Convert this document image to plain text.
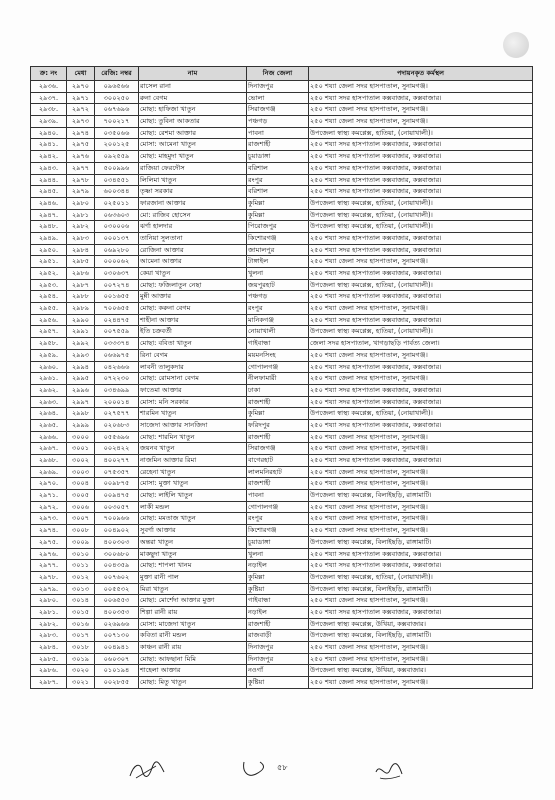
ক্র: নং	মেধা	রেজি: নম্বর	নাম	নিজ জেলা	পদায়নকৃত কর্মস্থল
২৯৩৬.	২৯৭০	০৯৬৫৬৬	রাসেল রানা	দিনাজপুর	২৫০ শয্যা জেলা সদর হাসপাতাল, সুনামগঞ্জ।
২৯৩৭.	২৯৭১	৩০০২৫০	রুনা বেগম	ভোলা	২৫০ শয্যা সদর হাসপাতাল কক্সবাজার, কক্সবাজার।
২৯৩৮.	২৯৭২	০৬৭৬৯৬	মোছা: হাফিজা খাতুন	সিরাজগঞ্জ	২৫০ শয্যা জেলা সদর হাসপাতাল, সুনামগঞ্জ।
২৯৩৯.	২৯৭৩	৭০০২১৭	মোছা: তুবিনা আকতার	পঞ্চগড়	২৫০ শয্যা জেলা সদর হাসপাতাল, সুনামগঞ্জ।
২৯৪০.	২৯৭৪	০৩৫০৬৬	মোছা: রেশমা আক্তার	পাবনা	উপজেলা স্বাস্থ্য কমপ্লেক্স, হাতিয়া, (নোয়াখালী)।
২৯৪১.	২৯৭৫	২০০১২৫	মোসা: আমেনা খাতুন	রাজশাহী	২৫০ শয্যা সদর হাসপাতাল কক্সবাজার, কক্সবাজার।
২৯৪২.	২৯৭৬	০৯২৫৫৯	মোছা: মাহমুদা খাতুন	চুয়াডাঙ্গা	২৫০ শয্যা সদর হাসপাতাল কক্সবাজার, কক্সবাজার।
২৯৪৩.	২৯৭৭	৫০০৯৯৬	রাজিয়া ফেরদৌস	বরিশাল	২৫০ শয্যা সদর হাসপাতাল কক্সবাজার, কক্সবাজার।
২৯৪৪.	২৯৭৮	০৩৪৫৫১	লিলিমা খাতুন	রংপুর	২৫০ শয্যা সদর হাসপাতাল কক্সবাজার, কক্সবাজার।
২৯৪৫.	২৯৭৯	৬০০৩৪৪	তৃষ্ণা সরকার	বরিশাল	২৫০ শয্যা সদর হাসপাতাল কক্সবাজার, কক্সবাজার।
২৯৪৬.	২৯৮০	০২৫০১১	ফারজানা আক্তার	কুমিল্লা	উপজেলা স্বাস্থ্য কমপ্লেক্স, হাতিয়া, (নোয়াখালী)।
২৯৪৭.	২৯৮১	০৬৩৬০৩	মো: রাজিব হোসেন	কুমিল্লা	উপজেলা স্বাস্থ্য কমপ্লেক্স, হাতিয়া, (নোয়াখালী)।
২৯৪৮.	২৯৮২	০৩০০০৬	ঝর্ণা হালদার	পিরোজপুর	উপজেলা স্বাস্থ্য কমপ্লেক্স, হাতিয়া, (নোয়াখালী)।
২৯৪৯.	২৯৮৩	০০০১৩৭	তানিয়া সুলতানা	কিশোরগঞ্জ	২৫০ শয্যা সদর হাসপাতাল কক্সবাজার, কক্সবাজার।
২৯৫০.	২৯৮৪	০৬৯২৮০	রোজিনা আক্তার	জামালপুর	২৫০ শয্যা সদর হাসপাতাল কক্সবাজার, কক্সবাজার।
২৯৫১.	২৯৮৫	০০০০৬২	আমেনা আক্তার	টাঙ্গাইল	২৫০ শয্যা জেলা সদর হাসপাতাল, সুনামগঞ্জ।
২৯৫২.	২৯৮৬	০৩০৬৩৭	কেয়া খাতুন	খুলনা	২৫০ শয্যা সদর হাসপাতাল কক্সবাজার, কক্সবাজার।
২৯৫৩.	২৯৮৭	০০৭২৭৪	মোছা: ফজিলাতুন নেছা	জয়পুরহাট	উপজেলা স্বাস্থ্য কমপ্লেক্স, হাতিয়া, (নোয়াখালী)।
২৯৫৪.	২৯৮৮	০০১৬৫৫	মুন্নী আক্তার	পঞ্চগড়	২৫০ শয্যা সদর হাসপাতাল কক্সবাজার, কক্সবাজার।
২৯৫৫.	২৯৮৯	৭০০৬৫৫	মোছা: করুনা বেগম	রংপুর	২৫০ শয্যা জেলা সদর হাসপাতাল, সুনামগঞ্জ।
২৯৫৬.	২৯৯০	০২৪৪৭৫	শাহীনা আক্তার	মানিকগঞ্জ	২৫০ শয্যা সদর হাসপাতাল কক্সবাজার, কক্সবাজার।
২৯৫৭.	২৯৯১	০০৭৫৫৯	ইতি চক্রবর্তী	নোয়াখালী	উপজেলা স্বাস্থ্য কমপ্লেক্স, হাতিয়া, (নোয়াখালী)।
২৯৫৮.	২৯৯২	০৩৩৩৭৪	মোছা: ববিতা খাতুন	গাইবান্ধা	জেলা সদর হাসপাতাল, খাগড়াছড়ি পার্বত্য জেলা।
২৯৫৯.	২৯৯৩	০৬৬৯৭৫	রিনা বেগম	ময়মনসিংহ	২৫০ শয্যা জেলা সদর হাসপাতাল, সুনামগঞ্জ।
২৯৬০.	২৯৯৪	০৪২৬৬৬	লাবনী তালুকদার	গোপালগঞ্জ	২৫০ শয্যা সদর হাসপাতাল কক্সবাজার, কক্সবাজার।
২৯৬১.	২৯৯৫	০৭২২৩০	মোছা: রোমসানা বেগম	নীলফামারী	২৫০ শয্যা জেলা সদর হাসপাতাল, সুনামগঞ্জ।
২৯৬২.	২৯৯৬	০৩৪৬৯৯	ফাতেমা আক্তার	ঢাকা	২৫০ শয্যা সদর হাসপাতাল কক্সবাজার, কক্সবাজার।
২৯৬৩.	২৯৯৭	২০০০১৪	মোসা: মনি সরকার	রাজশাহী	২৫০ শয্যা সদর হাসপাতাল কক্সবাজার, কক্সবাজার।
২৯৬৪.	২৯৯৮	০২৭৫৭৭	শারমিন খাতুন	কুমিল্লা	উপজেলা স্বাস্থ্য কমপ্লেক্স, হাতিয়া, (নোয়াখালী)।
২৯৬৫.	২৯৯৯	০২০৬৮৩	সাজেদা আক্তার সানজিদা	ফরিদপুর	২৫০ শয্যা সদর হাসপাতাল কক্সবাজার, কক্সবাজার।
২৯৬৬.	৩০০০	০৫৫৬৯৬	মোছা: শারমিন খাতুন	রাজশাহী	২৫০ শয্যা জেলা সদর হাসপাতাল, সুনামগঞ্জ।
২৯৬৭.	৩০০১	০০২৪২২	জয়নব খাতুন	সিরাজগঞ্জ	২৫০ শয্যা জেলা সদর হাসপাতাল, সুনামগঞ্জ।
২৯৬৮.	৩০০২	৪০০২৭৭	নাজমিন আক্তার রিমা	বাগেরহাট	২৫০ শয্যা সদর হাসপাতাল কক্সবাজার, কক্সবাজার।
২৯৬৯.	৩০০৩	০৭৫৩৫৭	রেহেনা খাতুন	লালমনিরহাট	২৫০ শয্যা জেলা সদর হাসপাতাল, সুনামগঞ্জ।
২৯৭০.	৩০০৪	০০৯৮৭৫	মোসা: মুক্তা খাতুন	রাজশাহী	২৫০ শয্যা জেলা সদর হাসপাতাল, সুনামগঞ্জ।
২৯৭১.	৩০০৫	০০৯৪৭৫	মোছা: লাইলি খাতুন	পাবনা	উপজেলা স্বাস্থ্য কমপ্লেক্স, বিলাইছড়ি, রাঙ্গামাটি।
২৯৭২.	৩০০৬	০০৩০৫৭	লাকী মন্ডল	গোপালগঞ্জ	২৫০ শয্যা জেলা সদর হাসপাতাল, সুনামগঞ্জ।
২৯৭৩.	৩০০৭	৭০০৯৬৬	মোছা: মমতাজ খাতুন	রংপুর	২৫০ শয্যা জেলা সদর হাসপাতাল, সুনামগঞ্জ।
২৯৭৪.	৩০০৮	০০৪৯০২	সুবর্ণা আক্তার	কিশোরগঞ্জ	২৫০ শয্যা জেলা সদর হাসপাতাল, সুনামগঞ্জ।
২৯৭৫.	৩০০৯	৪০০৩০৩	অন্তরা খাতুন	চুয়াডাঙ্গা	উপজেলা স্বাস্থ্য কমপ্লেক্স, বিলাইছড়ি, রাঙ্গামাটি।
২৯৭৬.	৩০১০	৩০০৬৮০	মাকছুদা খাতুন	খুলনা	২৫০ শয্যা সদর হাসপাতাল কক্সবাজার, কক্সবাজার।
২৯৭৭.	৩০১১	০০৪৩৫৯	মোছা: শাপলা খানম	নড়াইল	২৫০ শয্যা সদর হাসপাতাল কক্সবাজার, কক্সবাজার।
২৯৭৮.	৩০১২	০০৭৬০২	মুক্তা রানী পাল	কুমিল্লা	উপজেলা স্বাস্থ্য কমপ্লেক্স, হাতিয়া, (নোয়াখালী)।
২৯৭৯.	৩০১৩	০০৫৫৩২	মিরা খাতুন	কুষ্টিয়া	উপজেলা স্বাস্থ্য কমপ্লেক্স, বিলাইছড়ি, রাঙ্গামাটি।
২৯৮০.	৩০১৪	০০৬৫৫৩	মোছা: মোর্শেদা আক্তার মুক্তা	গাইবান্ধা	২৫০ শয্যা জেলা সদর হাসপাতাল, সুনামগঞ্জ।
২৯৮১.	৩০১৫	৪০০৩৫৩	শিল্পা রানী রায়	নড়াইল	২৫০ শয্যা সদর হাসপাতাল কক্সবাজার, কক্সবাজার।
২৯৮২.	৩০১৬	০২৬৯৬৬	মোসা: মাজেদা খাতুন	রাজশাহী	উপজেলা স্বাস্থ্য কমপ্লেক্স, উখিয়া, কক্সবাজার।
২৯৮৩.	৩০১৭	০০৭১৩০	কবিতা রানী মন্ডল	রাজবাড়ী	উপজেলা স্বাস্থ্য কমপ্লেক্স, বিলাইছড়ি, রাঙ্গামাটি।
২৯৮৪.	৩০১৮	০০৪৯৪১	কাঞ্চন রানী রায়	দিনাজপুর	২৫০ শয্যা জেলা সদর হাসপাতাল, সুনামগঞ্জ।
২৯৮৫.	৩০১৯	০৬০৩০৭	মোছা: আফছানা মিমি	দিনাজপুর	২৫০ শয্যা জেলা সদর হাসপাতাল, সুনামগঞ্জ।
২৯৮৬.	৩০২০	০১০১৯৪	শাহেলা আক্তার	নওগাঁ	উপজেলা স্বাস্থ্য কমপ্লেক্স, উখিয়া, কক্সবাজার।
২৯৮৭.	৩০২১	০০২৮৫৫	মোছা: মিতু খাতুন	কুষ্টিয়া	২৫০ শয্যা জেলা সদর হাসপাতাল, সুনামগঞ্জ।
৫৮
